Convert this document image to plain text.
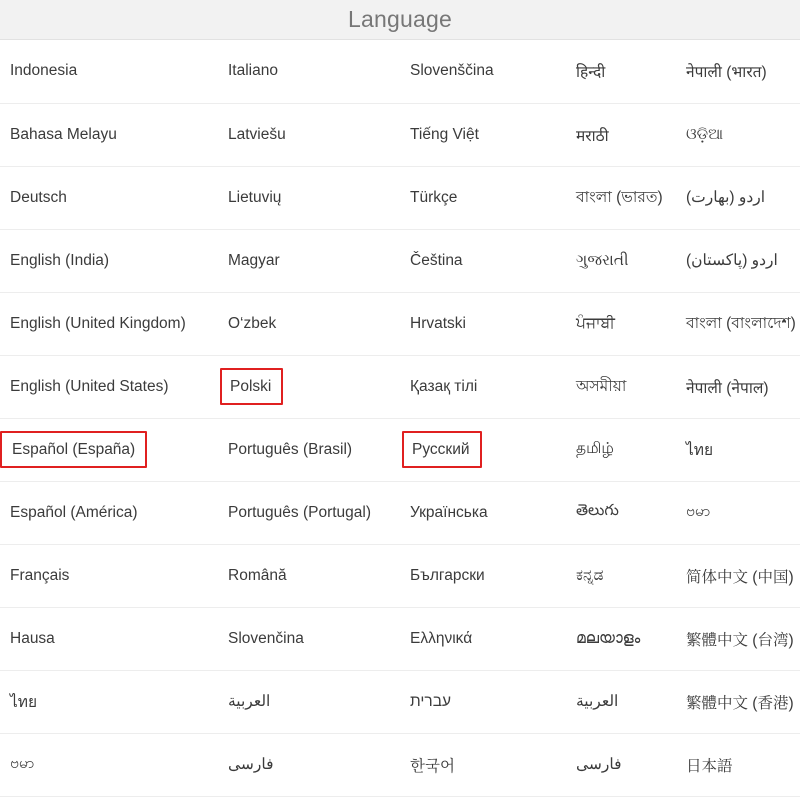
Language
Indonesia	Italiano	Slovenščina	हिन्दी	नेपाली (भारत)
Bahasa Melayu	Latviešu	Tiếng Việt	मराठी	ଓଡ଼ିଆ
Deutsch	Lietuvių	Türkçe	বাংলা (ভারত)	اردو (بھارت)
English (India)	Magyar	Čeština	ગુજરાતી	اردو (پاکستان)
English (United Kingdom)	O‘zbek	Hrvatski	ਪੰਜਾਬੀ	বাংলা (বাংলাদেশ)
English (United States)	Polski	Қазақ тілі	অসমীয়া	नेपाली (नेपाल)
Español (España)	Português (Brasil)	Русский	தமிழ்	ไทย
Español (América)	Português (Portugal)	Українська	తెలుగు	ဗမာ
Français	Română	Български	ಕನ್ನಡ	简体中文 (中国)
Hausa	Slovenčina	Ελληνικά	മലയാളം	繁體中文 (台湾)
ไทย	العربية	עברית	العربية	繁體中文 (香港)
ဗမာ	فارسی	한국어	فارسی	日本語
